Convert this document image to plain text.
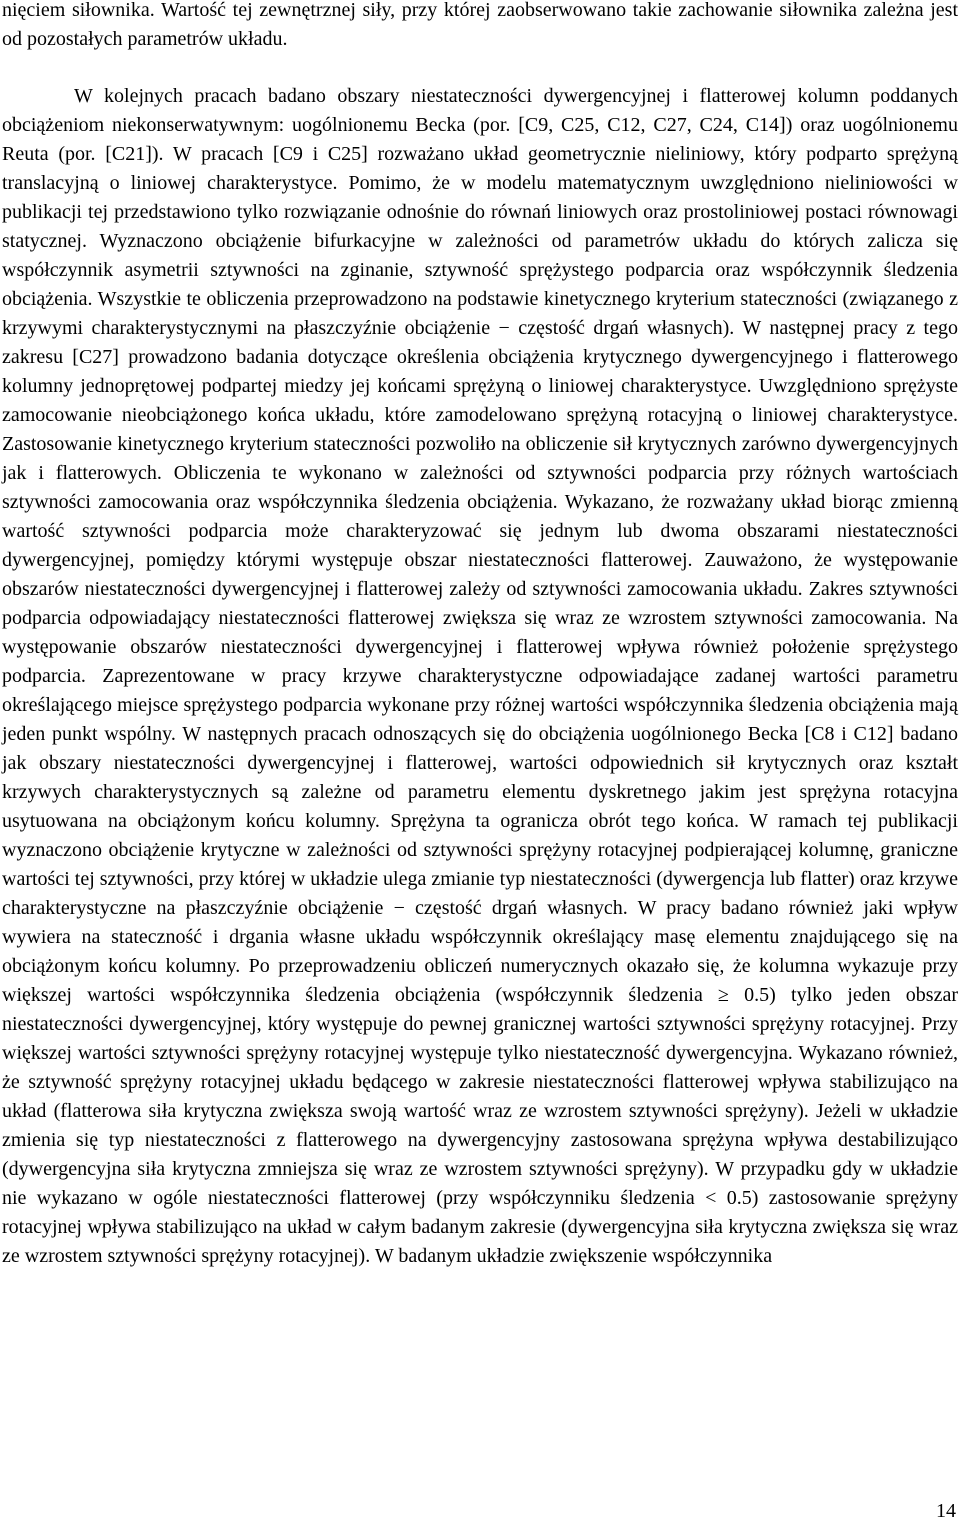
nięciem siłownika. Wartość tej zewnętrznej siły, przy której zaobserwowano takie zachowanie siłownika zależna jest od pozostałych parametrów układu.

W kolejnych pracach badano obszary niestateczności dywergencyjnej i flatterowej kolumn poddanych obciążeniom niekonserwatywnym: uogólnionemu Becka (por. [C9, C25, C12, C27, C24, C14]) oraz uogólnionemu Reuta (por. [C21]). W pracach [C9 i C25] rozważano układ geometrycznie nieliniowy, który podparto sprężyną translacyjną o liniowej charakterystyce. Pomimo, że w modelu matematycznym uwzględniono nieliniowości w publikacji tej przedstawiono tylko rozwiązanie odnośnie do równań liniowych oraz prostoliniowej postaci równowagi statycznej. Wyznaczono obciążenie bifurkacyjne w zależności od parametrów układu do których zalicza się współczynnik asymetrii sztywności na zginanie, sztywność sprężystego podparcia oraz współczynnik śledzenia obciążenia. Wszystkie te obliczenia przeprowadzono na podstawie kinetycznego kryterium stateczności (związanego z krzywymi charakterystycznymi na płaszczyźnie obciążenie − częstość drgań własnych). W następnej pracy z tego zakresu [C27] prowadzono badania dotyczące określenia obciążenia krytycznego dywergencyjnego i flatterowego kolumny jednoprętowej podpartej miedzy jej końcami sprężyną o liniowej charakterystyce. Uwzględniono sprężyste zamocowanie nieobciążonego końca układu, które zamodelowano sprężyną rotacyjną o liniowej charakterystyce. Zastosowanie kinetycznego kryterium stateczności pozwoliło na obliczenie sił krytycznych zarówno dywergencyjnych jak i flatterowych. Obliczenia te wykonano w zależności od sztywności podparcia przy różnych wartościach sztywności zamocowania oraz współczynnika śledzenia obciążenia. Wykazano, że rozważany układ biorąc zmienną wartość sztywności podparcia może charakteryzować się jednym lub dwoma obszarami niestateczności dywergencyjnej, pomiędzy którymi występuje obszar niestateczności flatterowej. Zauważono, że występowanie obszarów niestateczności dywergencyjnej i flatterowej zależy od sztywności zamocowania układu. Zakres sztywności podparcia odpowiadający niestateczności flatterowej zwiększa się wraz ze wzrostem sztywności zamocowania. Na występowanie obszarów niestateczności dywergencyjnej i flatterowej wpływa również położenie sprężystego podparcia. Zaprezentowane w pracy krzywe charakterystyczne odpowiadające zadanej wartości parametru określającego miejsce sprężystego podparcia wykonane przy różnej wartości współczynnika śledzenia obciążenia mają jeden punkt wspólny. W następnych pracach odnoszących się do obciążenia uogólnionego Becka [C8 i C12] badano jak obszary niestateczności dywergencyjnej i flatterowej, wartości odpowiednich sił krytycznych oraz kształt krzywych charakterystycznych są zależne od parametru elementu dyskretnego jakim jest sprężyna rotacyjna usytuowana na obciążonym końcu kolumny. Sprężyna ta ogranicza obrót tego końca. W ramach tej publikacji wyznaczono obciążenie krytyczne w zależności od sztywności sprężyny rotacyjnej podpierającej kolumnę, graniczne wartości tej sztywności, przy której w układzie ulega zmianie typ niestateczności (dywergencja lub flatter) oraz krzywe charakterystyczne na płaszczyźnie obciążenie − częstość drgań własnych. W pracy badano również jaki wpływ wywiera na stateczność i drgania własne układu współczynnik określający masę elementu znajdującego się na obciążonym końcu kolumny. Po przeprowadzeniu obliczeń numerycznych okazało się, że kolumna wykazuje przy większej wartości współczynnika śledzenia obciążenia (współczynnik śledzenia ≥ 0.5) tylko jeden obszar niestateczności dywergencyjnej, który występuje do pewnej granicznej wartości sztywności sprężyny rotacyjnej. Przy większej wartości sztywności sprężyny rotacyjnej występuje tylko niestateczność dywergencyjna. Wykazano również, że sztywność sprężyny rotacyjnej układu będącego w zakresie niestateczności flatterowej wpływa stabilizująco na układ (flatterowa siła krytyczna zwiększa swoją wartość wraz ze wzrostem sztywności sprężyny). Jeżeli w układzie zmienia się typ niestateczności z flatterowego na dywergencyjny zastosowana sprężyna wpływa destabilizująco (dywergencyjna siła krytyczna zmniejsza się wraz ze wzrostem sztywności sprężyny). W przypadku gdy w układzie nie wykazano w ogóle niestateczności flatterowej (przy współczynniku śledzenia < 0.5) zastosowanie sprężyny rotacyjnej wpływa stabilizująco na układ w całym badanym zakresie (dywergencyjna siła krytyczna zwiększa się wraz ze wzrostem sztywności sprężyny rotacyjnej). W badanym układzie zwiększenie współczynnika

14
